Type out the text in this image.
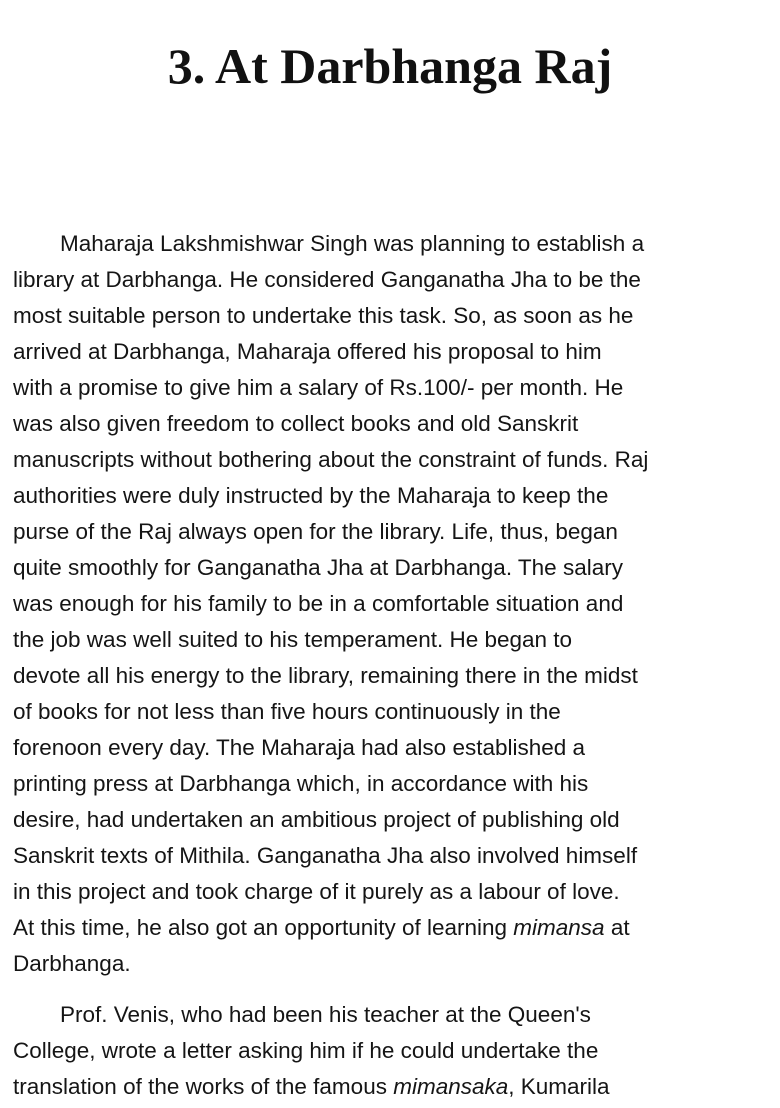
3. At Darbhanga Raj
Maharaja Lakshmishwar Singh was planning to establish a
library at Darbhanga. He considered Ganganatha Jha to be the
most suitable person to undertake this task. So, as soon as he
arrived at Darbhanga, Maharaja offered his proposal to him
with a promise to give him a salary of Rs.100/- per month. He
was also given freedom to collect books and old Sanskrit
manuscripts without bothering about the constraint of funds. Raj
authorities were duly instructed by the Maharaja to keep the
purse of the Raj always open for the library. Life, thus, began
quite smoothly for Ganganatha Jha at Darbhanga. The salary
was enough for his family to be in a comfortable situation and
the job was well suited to his temperament. He began to
devote all his energy to the library, remaining there in the midst
of books for not less than five hours continuously in the
forenoon every day. The Maharaja had also established a
printing press at Darbhanga which, in accordance with his
desire, had undertaken an ambitious project of publishing old
Sanskrit texts of Mithila. Ganganatha Jha also involved himself
in this project and took charge of it purely as a labour of love.
At this time, he also got an opportunity of learning mimansa at
Darbhanga.
Prof. Venis, who had been his teacher at the Queen's
College, wrote a letter asking him if he could undertake the
translation of the works of the famous mimansaka, Kumarila
